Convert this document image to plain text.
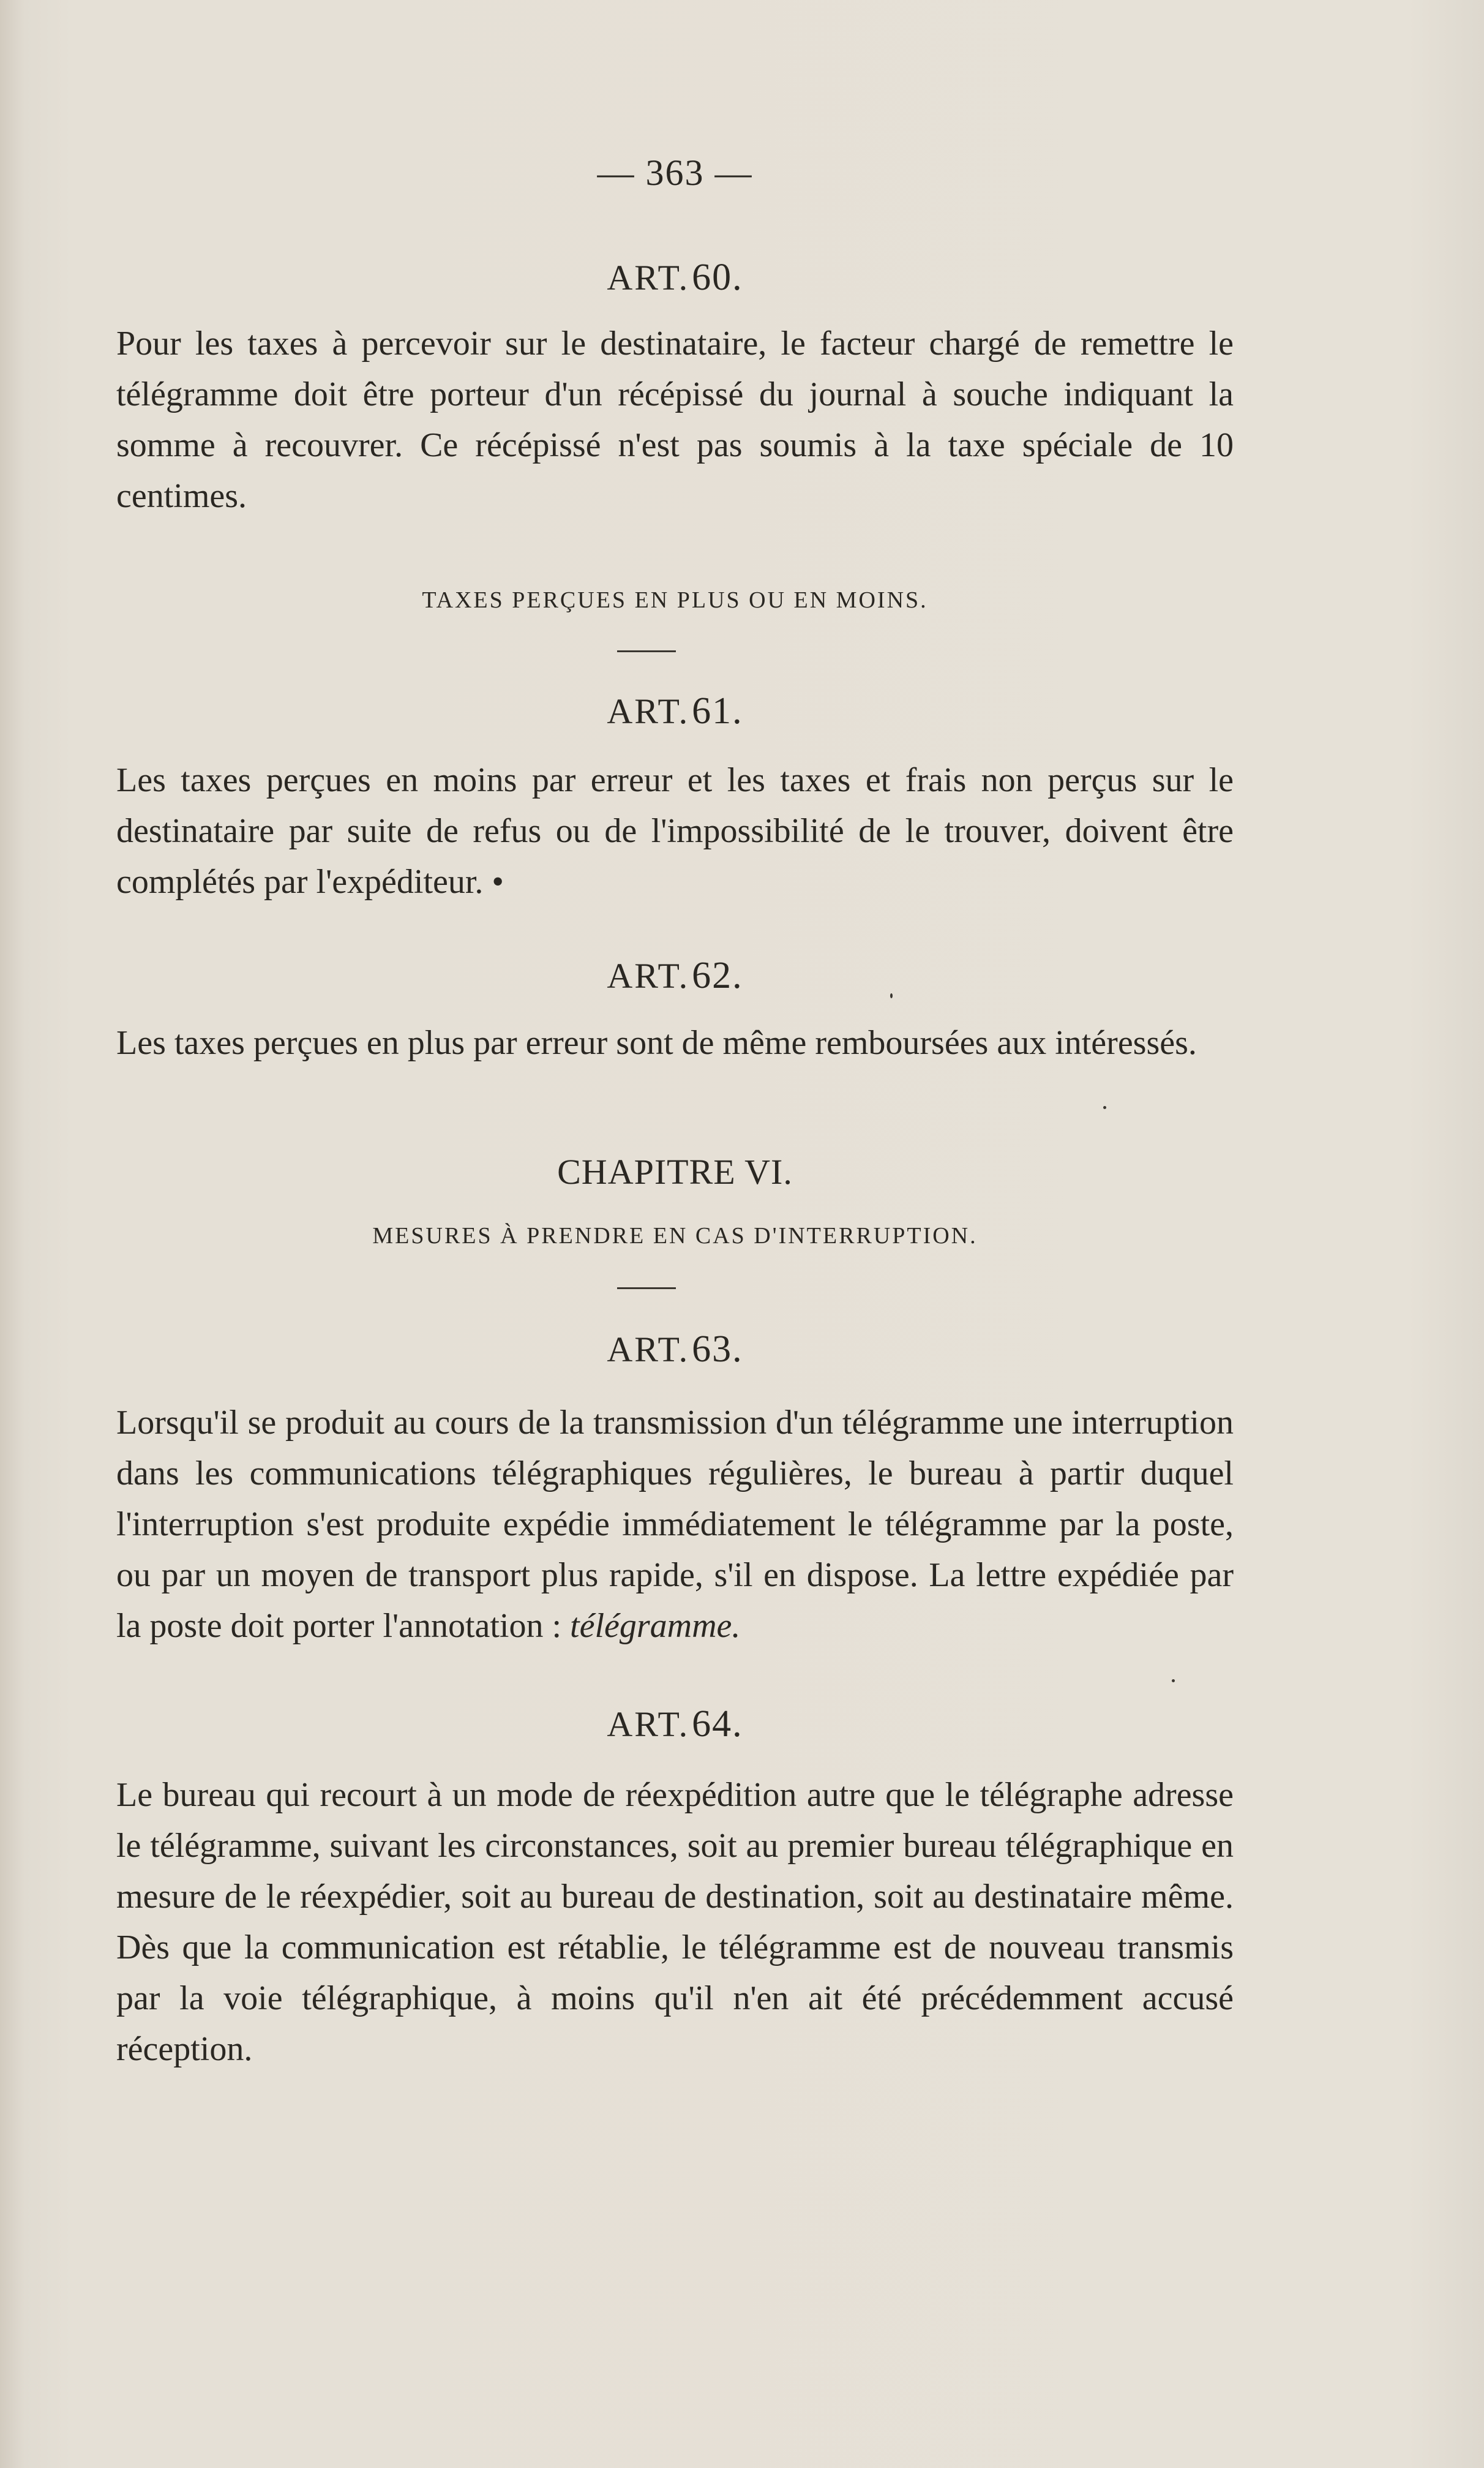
— 363 —

ART. 60.

Pour les taxes à percevoir sur le destinataire, le facteur chargé de remettre le télégramme doit être porteur d'un récépissé du journal à souche indiquant la somme à recouvrer. Ce récépissé n'est pas soumis à la taxe spéciale de 10 centimes.

TAXES PERÇUES EN PLUS OU EN MOINS.

ART. 61.

Les taxes perçues en moins par erreur et les taxes et frais non perçus sur le destinataire par suite de refus ou de l'impossibilité de le trouver, doivent être complétés par l'expéditeur. •

ART. 62.

Les taxes perçues en plus par erreur sont de même remboursées aux intéressés.

CHAPITRE VI.

MESURES À PRENDRE EN CAS D'INTERRUPTION.

ART. 63.

Lorsqu'il se produit au cours de la transmission d'un télégramme une interruption dans les communications télégraphiques régulières, le bureau à partir duquel l'interruption s'est produite expédie immédiatement le télégramme par la poste, ou par un moyen de transport plus rapide, s'il en dispose. La lettre expédiée par la poste doit porter l'annotation : télégramme.

ART. 64.

Le bureau qui recourt à un mode de réexpédition autre que le télégraphe adresse le télégramme, suivant les circonstances, soit au premier bureau télégraphique en mesure de le réexpédier, soit au bureau de destination, soit au destinataire même. Dès que la communication est rétablie, le télégramme est de nouveau transmis par la voie télégraphique, à moins qu'il n'en ait été précédemment accusé réception.
